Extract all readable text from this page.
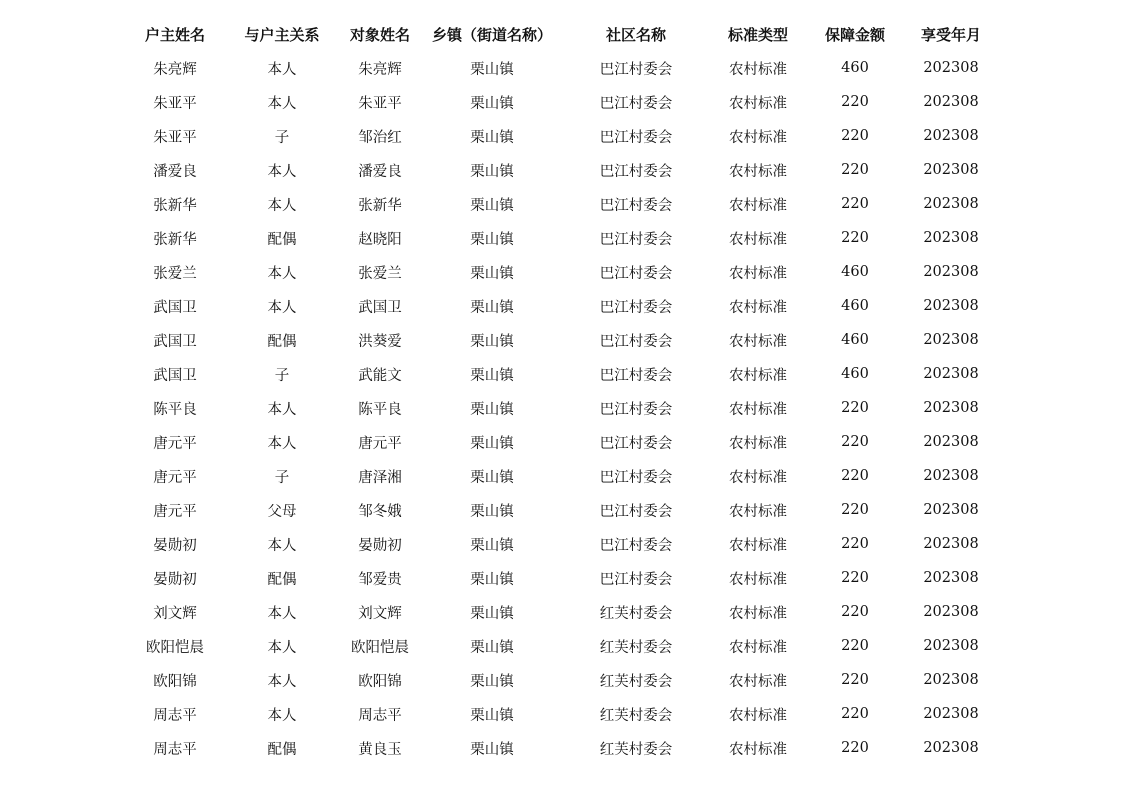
户主姓名	与户主关系	对象姓名	乡镇（街道名称）	社区名称	标准类型	保障金额	享受年月
朱亮辉	本人	朱亮辉	栗山镇	巴江村委会	农村标准	460	202308
朱亚平	本人	朱亚平	栗山镇	巴江村委会	农村标准	220	202308
朱亚平	子	邹治红	栗山镇	巴江村委会	农村标准	220	202308
潘爱良	本人	潘爱良	栗山镇	巴江村委会	农村标准	220	202308
张新华	本人	张新华	栗山镇	巴江村委会	农村标准	220	202308
张新华	配偶	赵晓阳	栗山镇	巴江村委会	农村标准	220	202308
张爱兰	本人	张爱兰	栗山镇	巴江村委会	农村标准	460	202308
武国卫	本人	武国卫	栗山镇	巴江村委会	农村标准	460	202308
武国卫	配偶	洪葵爱	栗山镇	巴江村委会	农村标准	460	202308
武国卫	子	武能文	栗山镇	巴江村委会	农村标准	460	202308
陈平良	本人	陈平良	栗山镇	巴江村委会	农村标准	220	202308
唐元平	本人	唐元平	栗山镇	巴江村委会	农村标准	220	202308
唐元平	子	唐泽湘	栗山镇	巴江村委会	农村标准	220	202308
唐元平	父母	邹冬娥	栗山镇	巴江村委会	农村标准	220	202308
晏勋初	本人	晏勋初	栗山镇	巴江村委会	农村标准	220	202308
晏勋初	配偶	邹爱贵	栗山镇	巴江村委会	农村标准	220	202308
刘文辉	本人	刘文辉	栗山镇	红芙村委会	农村标准	220	202308
欧阳恺晨	本人	欧阳恺晨	栗山镇	红芙村委会	农村标准	220	202308
欧阳锦	本人	欧阳锦	栗山镇	红芙村委会	农村标准	220	202308
周志平	本人	周志平	栗山镇	红芙村委会	农村标准	220	202308
周志平	配偶	黄良玉	栗山镇	红芙村委会	农村标准	220	202308
